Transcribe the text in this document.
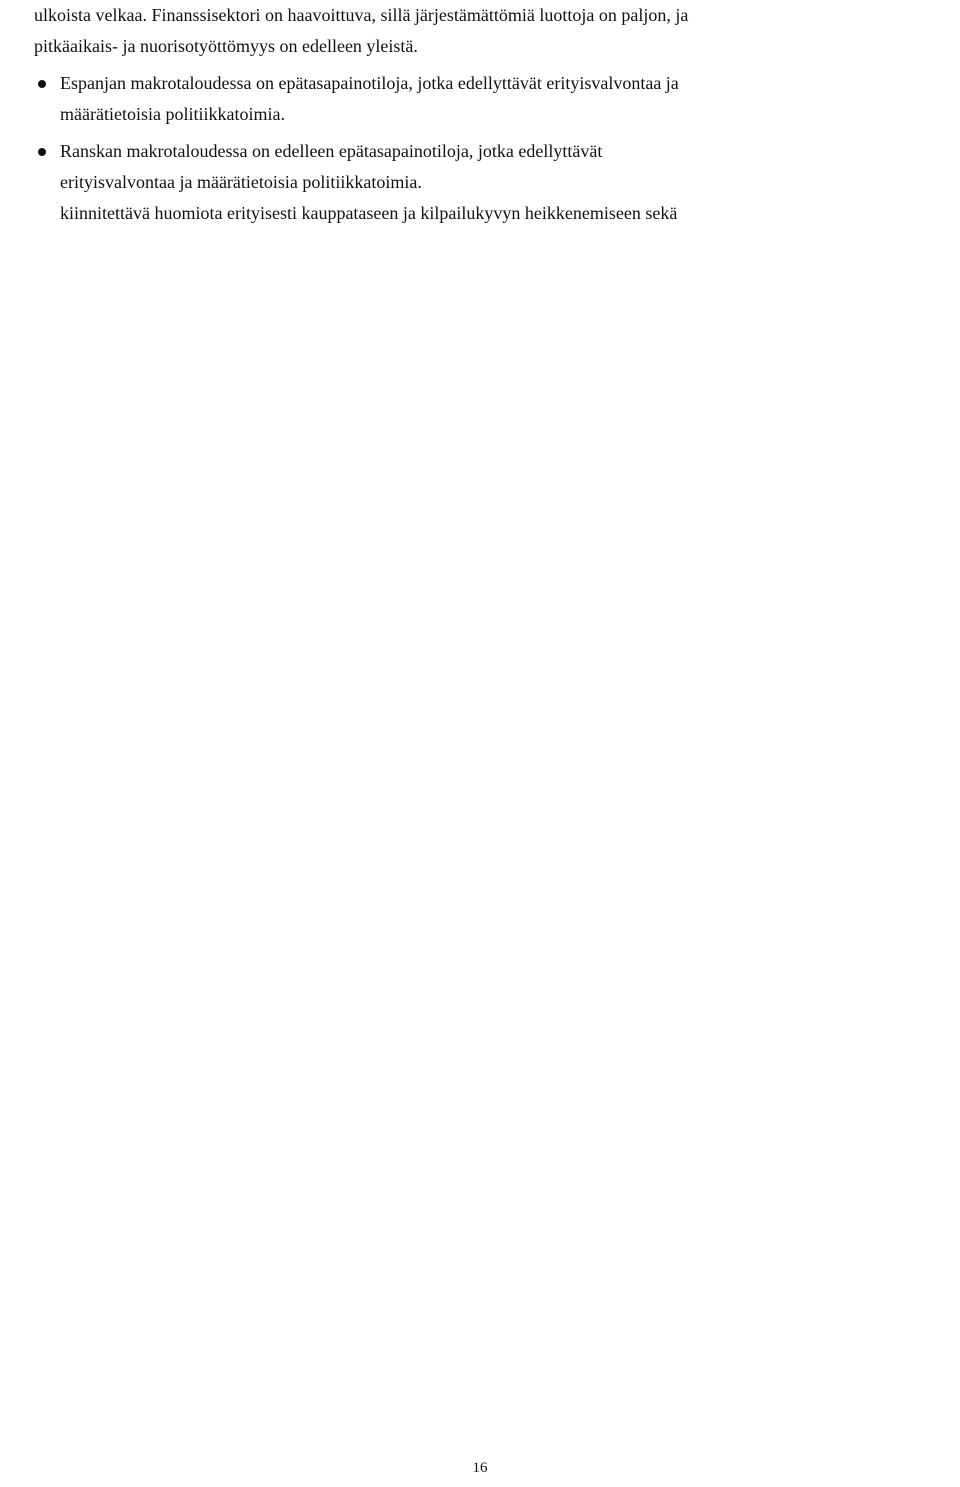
ulkoista velkaa. Finanssisektori on haavoittuva, sillä järjestämättömiä luottoja on paljon, ja

pitkäaikais- ja nuorisotyöttömyys on edelleen yleistä.

Espanjan makrotaloudessa on epätasapainotiloja, jotka edellyttävät erityisvalvontaa ja

määrätietoisia politiikkatoimia.

Ranskan makrotaloudessa on edelleen epätasapainotiloja, jotka edellyttävät

erityisvalvontaa ja määrätietoisia politiikkatoimia.

kiinnitettävä huomiota erityisesti kauppataseen ja kilpailukyvyn heikkenemiseen sekä

16
